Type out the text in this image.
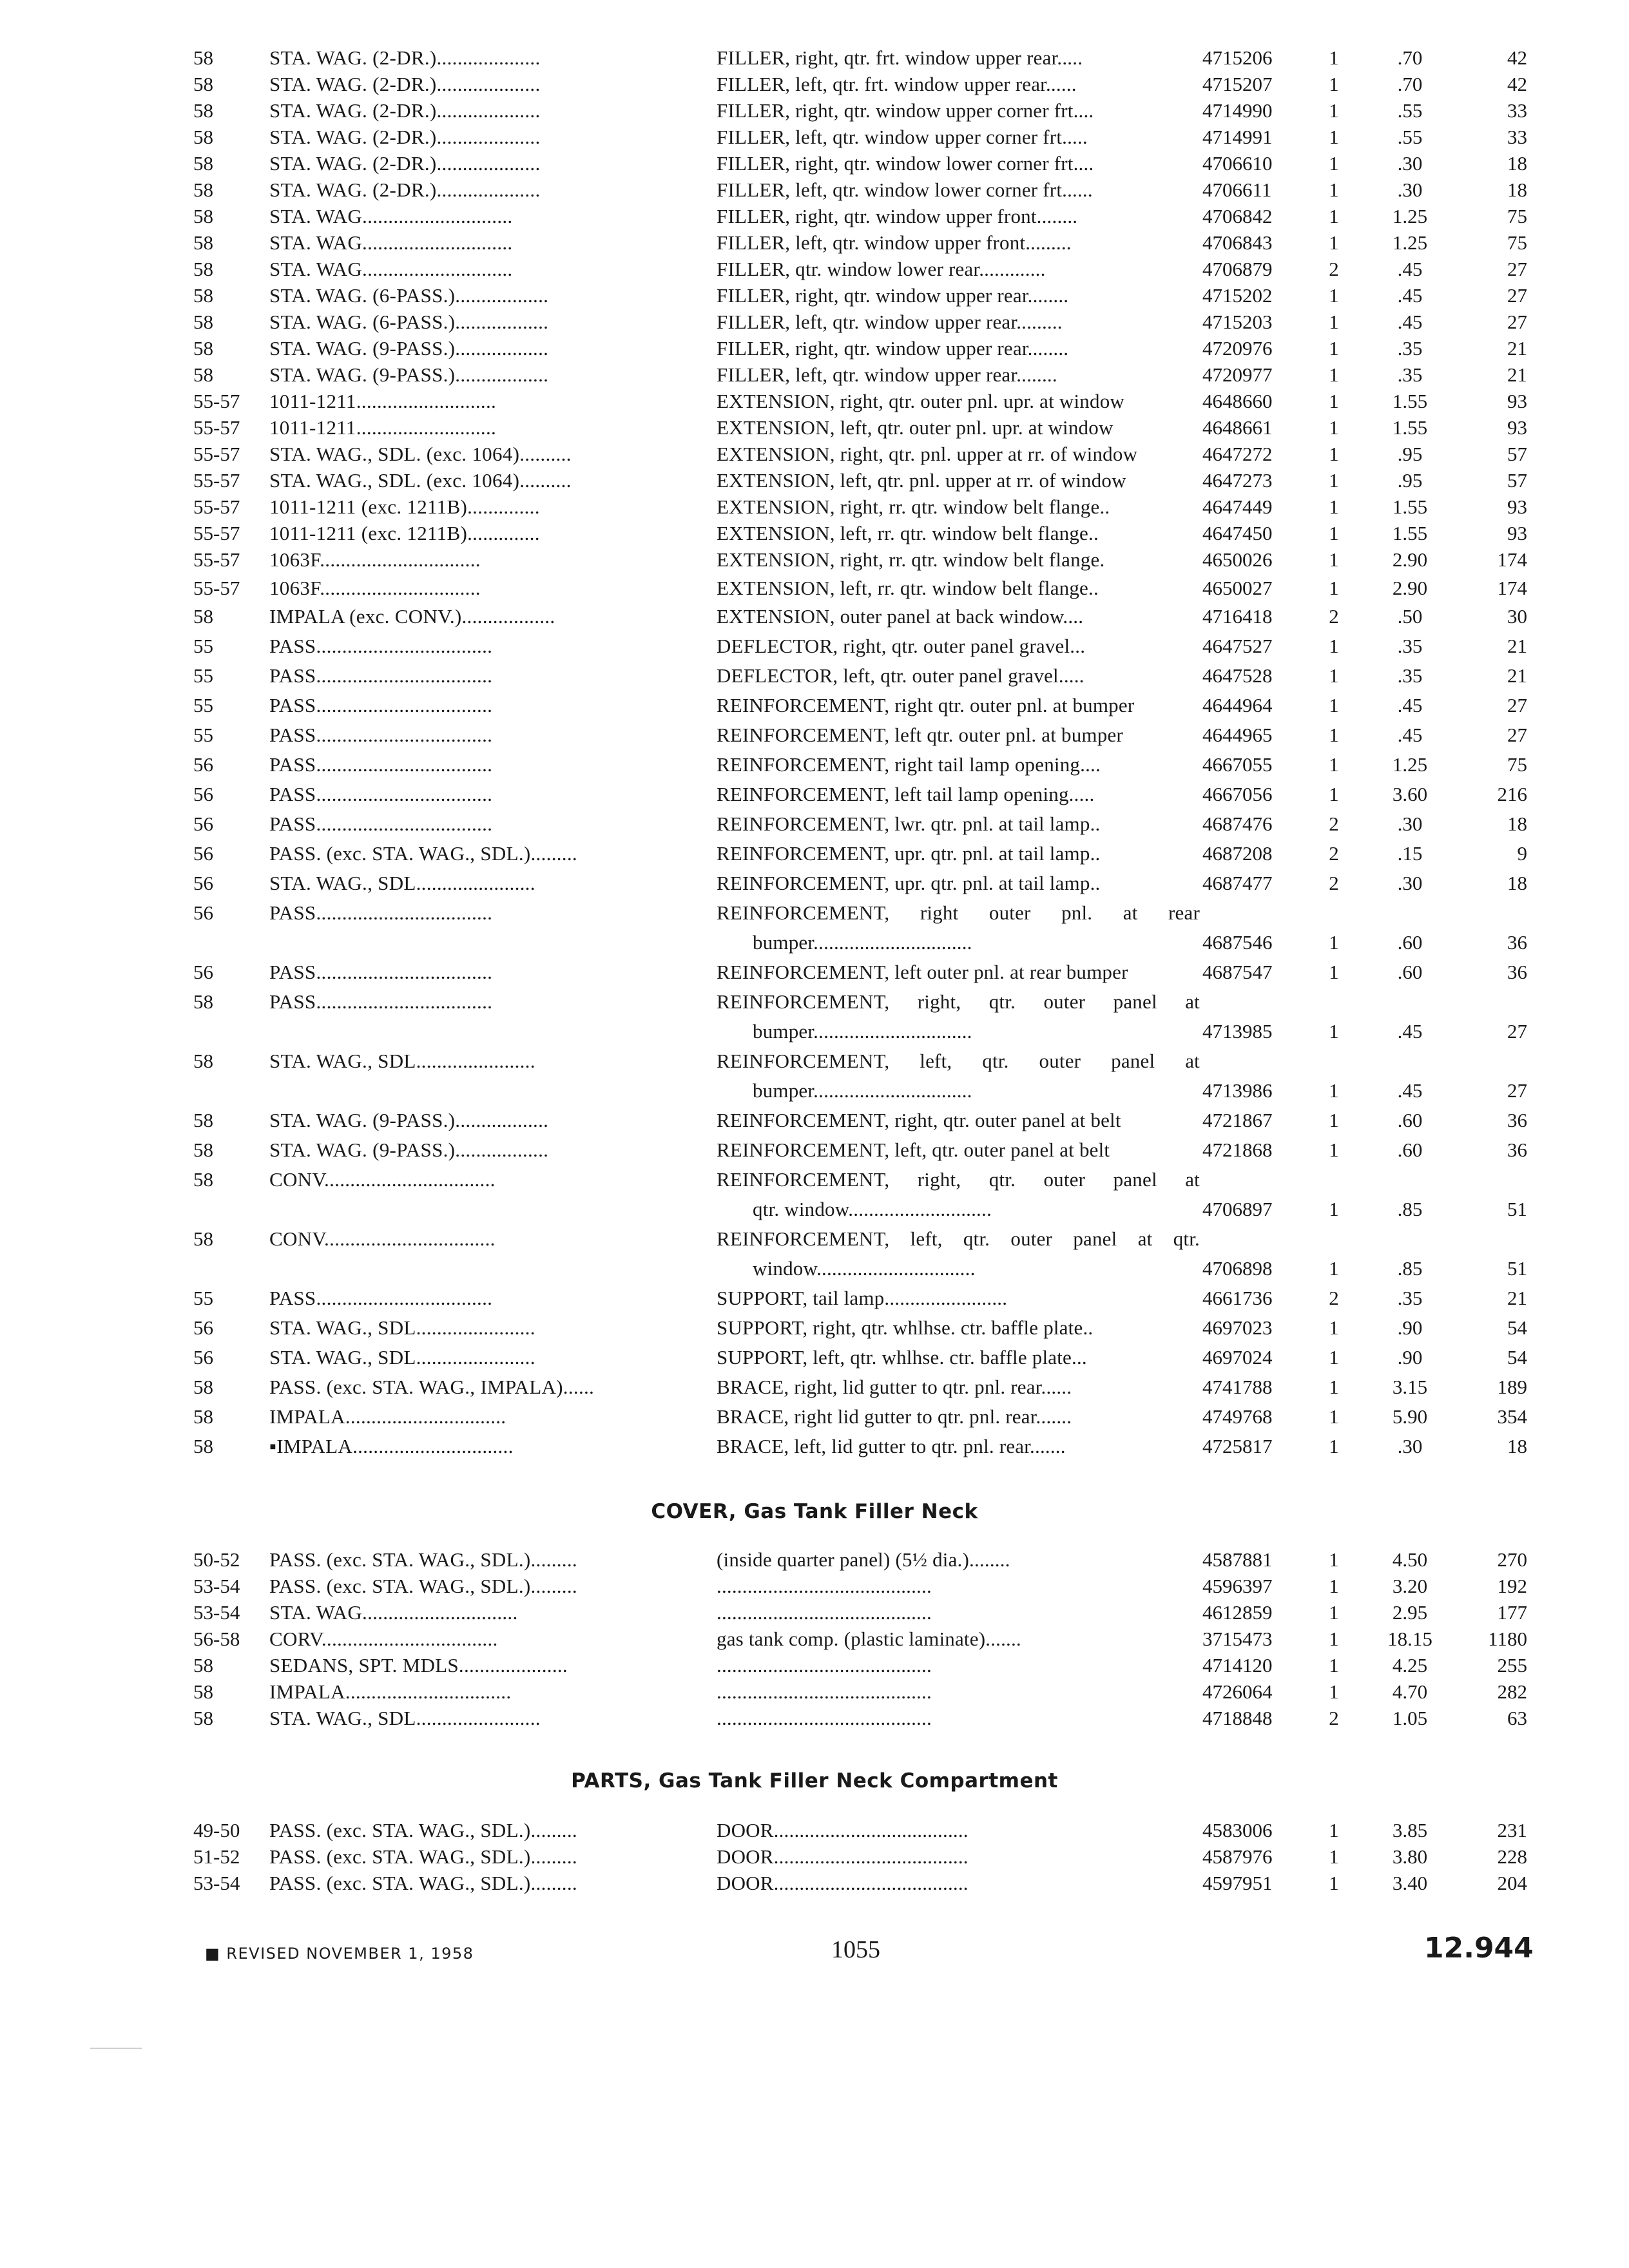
COVER, Gas Tank Filler Neck
PARTS, Gas Tank Filler Neck Compartment
■ REVISED NOVEMBER 1, 1958	1055	12.944
58	STA. WAG. (2-DR.)....................	FILLER, right, qtr. frt. window upper rear.....	4715206	1	.70	42
58	STA. WAG. (2-DR.)....................	FILLER, left, qtr. frt. window upper rear......	4715207	1	.70	42
58	STA. WAG. (2-DR.)....................	FILLER, right, qtr. window upper corner frt....	4714990	1	.55	33
58	STA. WAG. (2-DR.)....................	FILLER, left, qtr. window upper corner frt.....	4714991	1	.55	33
58	STA. WAG. (2-DR.)....................	FILLER, right, qtr. window lower corner frt....	4706610	1	.30	18
58	STA. WAG. (2-DR.)....................	FILLER, left, qtr. window lower corner frt......	4706611	1	.30	18
58	STA. WAG.............................	FILLER, right, qtr. window upper front........	4706842	1	1.25	75
58	STA. WAG.............................	FILLER, left, qtr. window upper front.........	4706843	1	1.25	75
58	STA. WAG.............................	FILLER, qtr. window lower rear.............	4706879	2	.45	27
58	STA. WAG. (6-PASS.)..................	FILLER, right, qtr. window upper rear........	4715202	1	.45	27
58	STA. WAG. (6-PASS.)..................	FILLER, left, qtr. window upper rear.........	4715203	1	.45	27
58	STA. WAG. (9-PASS.)..................	FILLER, right, qtr. window upper rear........	4720976	1	.35	21
58	STA. WAG. (9-PASS.)..................	FILLER, left, qtr. window upper rear........	4720977	1	.35	21
55-57	1011-1211...........................	EXTENSION, right, qtr. outer pnl. upr. at window	4648660	1	1.55	93
55-57	1011-1211...........................	EXTENSION, left, qtr. outer pnl. upr. at window	4648661	1	1.55	93
55-57	STA. WAG., SDL. (exc. 1064)..........	EXTENSION, right, qtr. pnl. upper at rr. of window	4647272	1	.95	57
55-57	STA. WAG., SDL. (exc. 1064)..........	EXTENSION, left, qtr. pnl. upper at rr. of window	4647273	1	.95	57
55-57	1011-1211 (exc. 1211B)..............	EXTENSION, right, rr. qtr. window belt flange..	4647449	1	1.55	93
55-57	1011-1211 (exc. 1211B)..............	EXTENSION, left, rr. qtr. window belt flange..	4647450	1	1.55	93
55-57	1063F...............................	EXTENSION, right, rr. qtr. window belt flange.	4650026	1	2.90	174
55-57	1063F...............................	EXTENSION, left, rr. qtr. window belt flange..	4650027	1	2.90	174
58	IMPALA (exc. CONV.)..................	EXTENSION, outer panel at back window....	4716418	2	.50	30
55	PASS..................................	DEFLECTOR, right, qtr. outer panel gravel...	4647527	1	.35	21
55	PASS..................................	DEFLECTOR, left, qtr. outer panel gravel.....	4647528	1	.35	21
55	PASS..................................	REINFORCEMENT, right qtr. outer pnl. at bumper	4644964	1	.45	27
55	PASS..................................	REINFORCEMENT, left qtr. outer pnl. at bumper	4644965	1	.45	27
56	PASS..................................	REINFORCEMENT, right tail lamp opening....	4667055	1	1.25	75
56	PASS..................................	REINFORCEMENT, left tail lamp opening.....	4667056	1	3.60	216
56	PASS..................................	REINFORCEMENT, lwr. qtr. pnl. at tail lamp..	4687476	2	.30	18
56	PASS. (exc. STA. WAG., SDL.).........	REINFORCEMENT, upr. qtr. pnl. at tail lamp..	4687208	2	.15	9
56	STA. WAG., SDL.......................	REINFORCEMENT, upr. qtr. pnl. at tail lamp..	4687477	2	.30	18
56	PASS..................................	REINFORCEMENT, right outer pnl. at rear
bumper...............................	4687546	1	.60	36
56	PASS..................................	REINFORCEMENT, left outer pnl. at rear bumper	4687547	1	.60	36
58	PASS..................................	REINFORCEMENT, right, qtr. outer panel at
bumper...............................	4713985	1	.45	27
58	STA. WAG., SDL.......................	REINFORCEMENT, left, qtr. outer panel at
bumper...............................	4713986	1	.45	27
58	STA. WAG. (9-PASS.)..................	REINFORCEMENT, right, qtr. outer panel at belt	4721867	1	.60	36
58	STA. WAG. (9-PASS.)..................	REINFORCEMENT, left, qtr. outer panel at belt	4721868	1	.60	36
58	CONV.................................	REINFORCEMENT, right, qtr. outer panel at
qtr. window............................	4706897	1	.85	51
58	CONV.................................	REINFORCEMENT, left, qtr. outer panel at qtr.
window...............................	4706898	1	.85	51
55	PASS..................................	SUPPORT, tail lamp........................	4661736	2	.35	21
56	STA. WAG., SDL.......................	SUPPORT, right, qtr. whlhse. ctr. baffle plate..	4697023	1	.90	54
56	STA. WAG., SDL.......................	SUPPORT, left, qtr. whlhse. ctr. baffle plate...	4697024	1	.90	54
58	PASS. (exc. STA. WAG., IMPALA)......	BRACE, right, lid gutter to qtr. pnl. rear......	4741788	1	3.15	189
58	IMPALA...............................	BRACE, right lid gutter to qtr. pnl. rear.......	4749768	1	5.90	354
58	▪IMPALA...............................	BRACE, left, lid gutter to qtr. pnl. rear.......	4725817	1	.30	18
50-52	PASS. (exc. STA. WAG., SDL.).........	(inside quarter panel) (5½ dia.)........	4587881	1	4.50	270
53-54	PASS. (exc. STA. WAG., SDL.).........	..........................................	4596397	1	3.20	192
53-54	STA. WAG..............................	..........................................	4612859	1	2.95	177
56-58	CORV..................................	gas tank comp. (plastic laminate).......	3715473	1	18.15	1180
58	SEDANS, SPT. MDLS.....................	..........................................	4714120	1	4.25	255
58	IMPALA................................	..........................................	4726064	1	4.70	282
58	STA. WAG., SDL........................	..........................................	4718848	2	1.05	63
49-50	PASS. (exc. STA. WAG., SDL.).........	DOOR......................................	4583006	1	3.85	231
51-52	PASS. (exc. STA. WAG., SDL.).........	DOOR......................................	4587976	1	3.80	228
53-54	PASS. (exc. STA. WAG., SDL.).........	DOOR......................................	4597951	1	3.40	204
